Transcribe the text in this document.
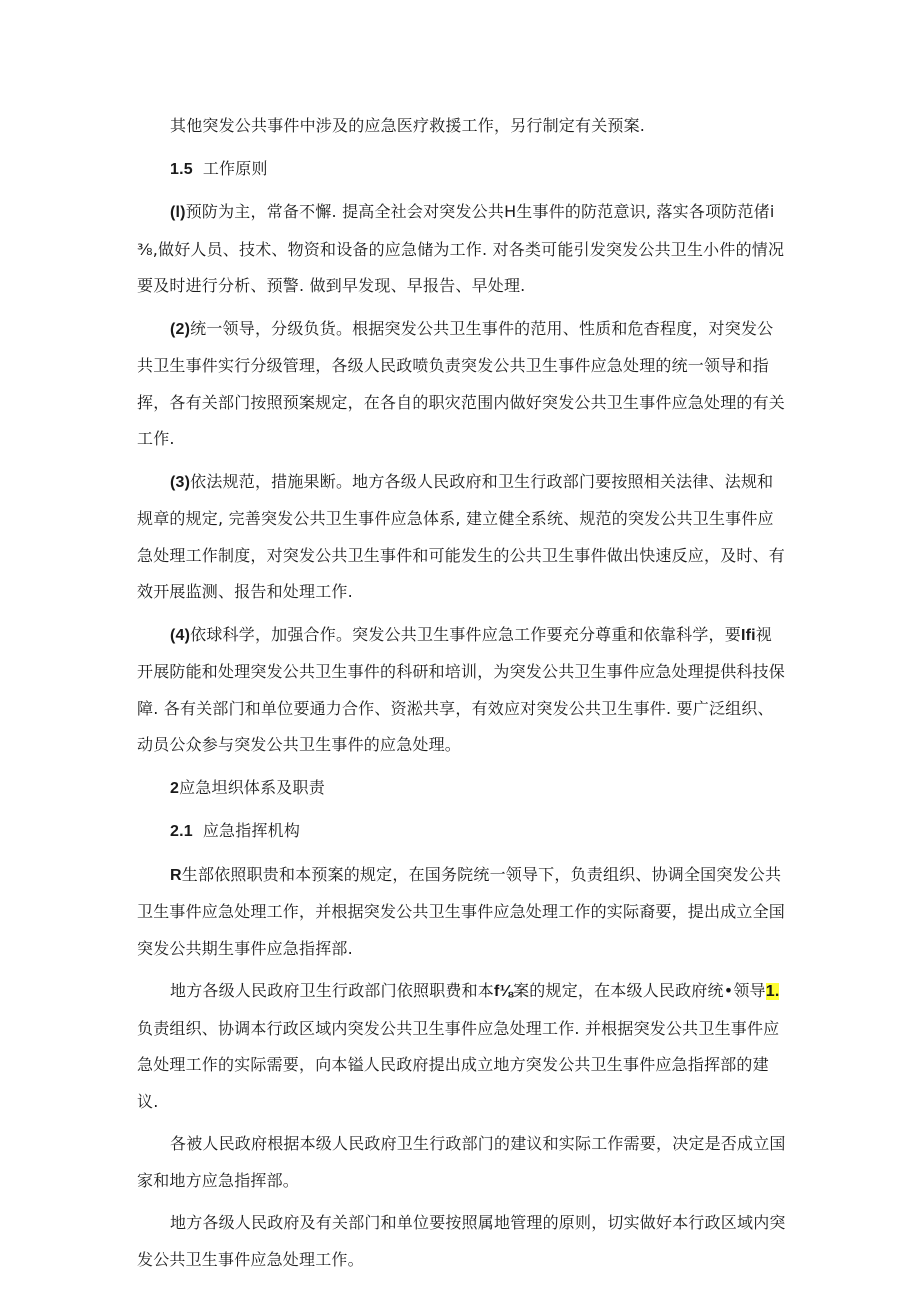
其他突发公共事件中涉及的应急医疗救援工作，另行制定有关预案.

1.5 工作原则

(l)预防为主，常备不懈. 提高全社会对突发公共H生事件的防范意识, 落实各项防范偖i⅜,做好人员、技术、物资和设备的应急储为工作. 对各类可能引发突发公共卫生小件的情况要及时进行分析、预警. 做到早发现、早报告、早处理.

(2)统一领导，分级负货。根据突发公共卫生事件的范用、性质和危杳程度，对突发公共卫生事件实行分级管理，各级人民政喷负责突发公共卫生事件应急处理的统一领导和指挥，各有关部门按照预案规定，在各自的职灾范围内做好突发公共卫生事件应急处理的有关工作.

(3)依法规范，措施果断。地方各级人民政府和卫生行政部门要按照相关法律、法规和规章的规定, 完善突发公共卫生事件应急体系, 建立健全系统、规范的突发公共卫生事件应急处理工作制度，对突发公共卫生事件和可能发生的公共卫生事件做出快速反应，及时、有效开展监测、报告和处理工作.

(4)依球科学，加强合作。突发公共卫生事件应急工作要充分尊重和依靠科学，要Ifi视开展防能和处理突发公共卫生事件的科研和培训，为突发公共卫生事件应急处理提供科技保障. 各有关部门和单位要通力合作、资淞共享，有效应对突发公共卫生事件. 要广泛组织、动员公众参与突发公共卫生事件的应急处理。

2应急坦织体系及职责

2.1 应急指挥机构

R生部依照职贵和本预案的规定，在国务院统一领导下，负责组织、协调全国突发公共卫生事件应急处理工作，并根据突发公共卫生事件应急处理工作的实际裔要，提出成立全国突发公共期生事件应急指挥部.

地方各级人民政府卫生行政部门依照职费和本f⅛案的规定，在本级人民政府统•领导1.负责组织、协调本行政区域内突发公共卫生事件应急处理工作. 并根据突发公共卫生事件应急处理工作的实际需要，向本镒人民政府提出成立地方突发公共卫生事件应急指挥部的建议.

各被人民政府根据本级人民政府卫生行政部门的建议和实际工作需要，决定是否成立国家和地方应急指挥部。

地方各级人民政府及有关部门和单位要按照属地管理的原则，切实做好本行政区域内突发公共卫生事件应急处理工作。
